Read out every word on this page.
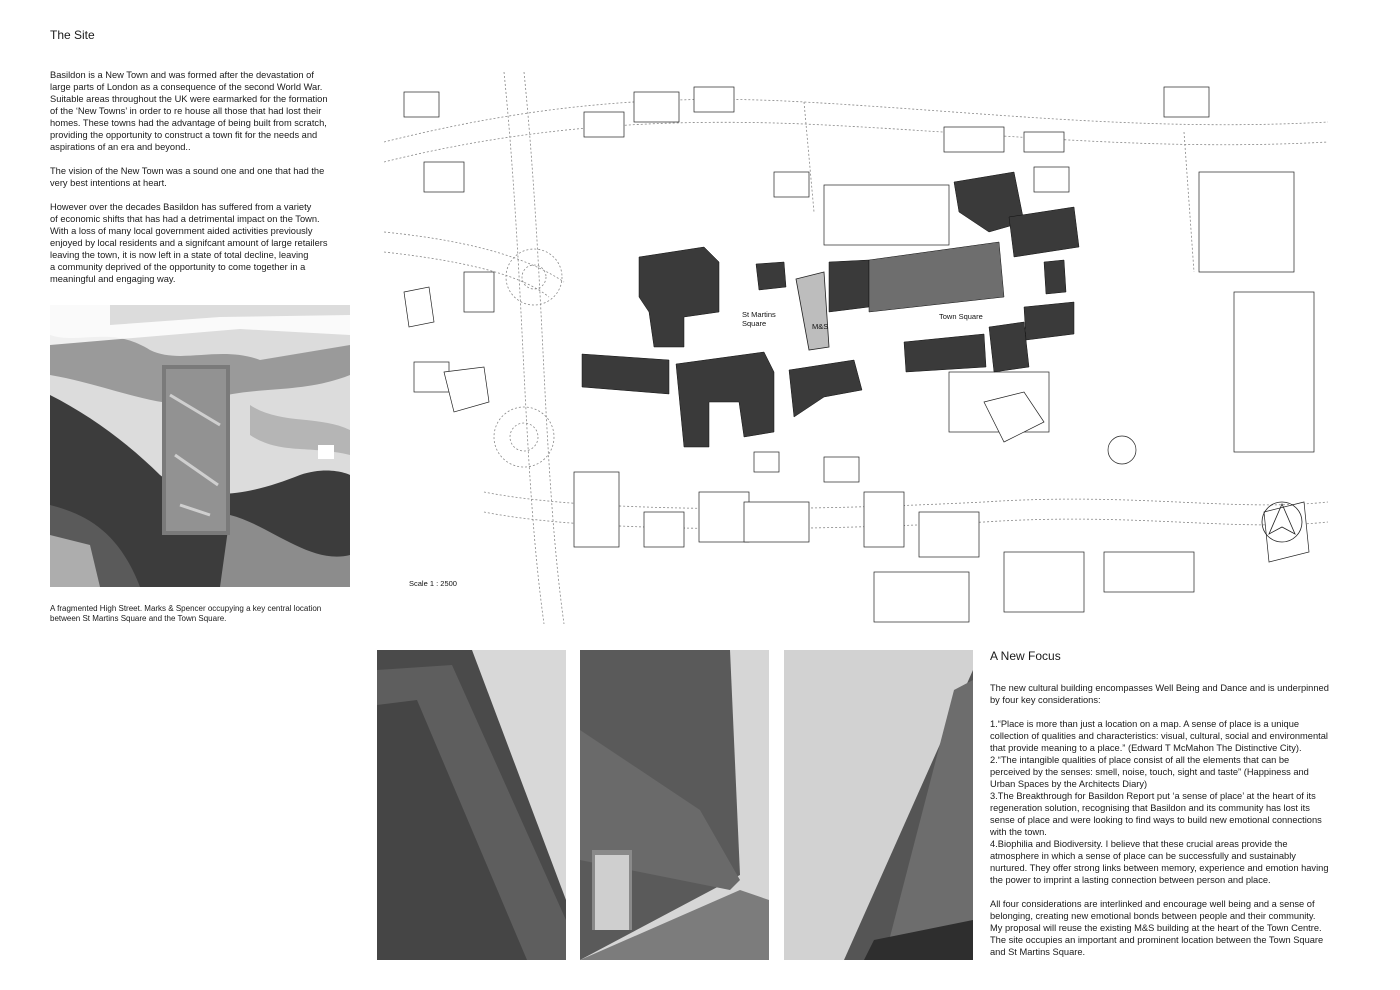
The Site

Basildon is a New Town and was formed after the devastation of
large parts of London as a consequence of the second World War.
Suitable areas throughout the UK were earmarked for the formation
of the ‘New Towns’ in order to re house all those that had lost their
homes. These towns had the advantage of being built from scratch,
providing the opportunity to construct a town fit for the needs and
aspirations of an era and beyond..

The vision of the New Town was a sound one and one that had the
very best intentions at heart.

However over the decades Basildon has suffered from a variety
of economic shifts that has had a detrimental impact on the Town.
With a loss of many local government aided activities previously
enjoyed by local residents and a signifcant amount of large retailers
leaving the town, it is now left in a state of total decline, leaving
a community deprived of the opportunity to come together in a
meaningful and engaging way.

A fragmented High Street. Marks & Spencer occupying a key central location
between St Martins Square and the Town Square.
St Martins
Square	M&S
Town Square
Scale 1 : 2500
A New Focus

The new cultural building encompasses Well Being and Dance and is underpinned
by four key considerations:

1.“Place is more than just a location on a map. A sense of place is a unique
collection of qualities and characteristics: visual, cultural, social and environmental
that provide meaning to a place.” (Edward T McMahon The Distinctive City).

2.“The intangible qualities of place consist of all the elements that can be
perceived by the senses: smell, noise, touch, sight and taste” (Happiness and
Urban Spaces by the Architects Diary)

3.The Breakthrough for Basildon Report put ‘a sense of place’ at the heart of its
regeneration solution, recognising that Basildon and its community has lost its
sense of place and were looking to find ways to build new emotional connections
with the town.

4.Biophilia and Biodiversity. I believe that these crucial areas provide the
atmosphere in which a sense of place can be successfully and sustainably
nurtured. They offer strong links between memory, experience and emotion having
the power to imprint a lasting connection between person and place.

All four considerations are interlinked and encourage well being and a sense of
belonging, creating new emotional bonds between people and their community.
My proposal will reuse the existing M&S building at the heart of the Town Centre.
The site occupies an important and prominent location between the Town Square
and St Martins Square.
